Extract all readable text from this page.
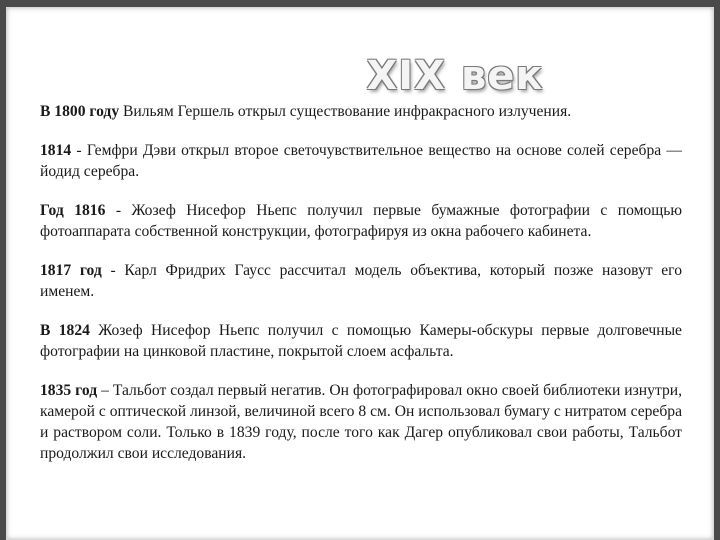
XIX век

В 1800 году Вильям Гершель открыл существование инфракрасного излучения.

1814 - Гемфри Дэви открыл второе светочувствительное вещество на основе солей серебра — йодид серебра.

Год 1816 - Жозеф Нисефор Ньепс получил первые бумажные фотографии с помощью фотоаппарата собственной конструкции, фотографируя из окна рабочего кабинета.

1817 год - Карл Фридрих Гаусс рассчитал модель объектива, который позже назовут его именем.

В 1824 Жозеф Нисефор Ньепс получил с помощью Камеры-обскуры первые долговечные фотографии на цинковой пластине, покрытой слоем асфальта.

1835 год – Тальбот создал первый негатив. Он фотографировал окно своей библиотеки изнутри, камерой с оптической линзой, величиной всего 8 см. Он использовал бумагу с нитратом серебра и раствором соли. Только в 1839 году, после того как Дагер опубликовал свои работы, Тальбот продолжил свои исследования.
